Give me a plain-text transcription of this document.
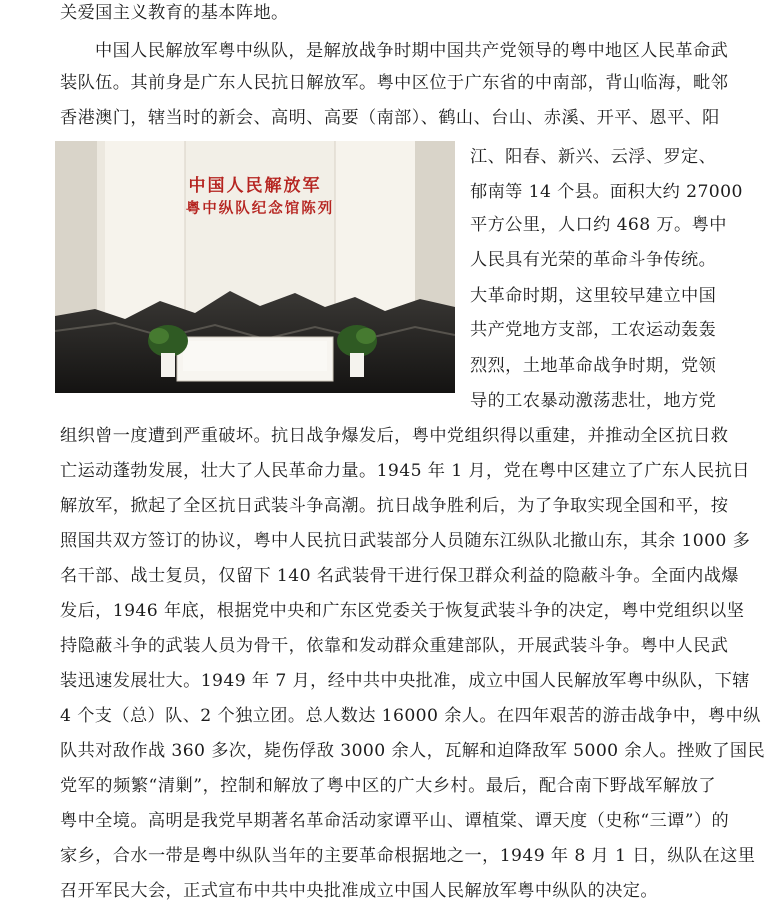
关爱国主义教育的基本阵地。
中国人民解放军粤中纵队，是解放战争时期中国共产党领导的粤中地区人民革命武
装队伍。其前身是广东人民抗日解放军。粤中区位于广东省的中南部，背山临海，毗邻
香港澳门，辖当时的新会、高明、高要（南部）、鹤山、台山、赤溪、开平、恩平、阳
中国人民解放军
粤中纵队纪念馆陈列
江、阳春、新兴、云浮、罗定、
郁南等 14 个县。面积大约 27000
平方公里，人口约 468 万。粤中
人民具有光荣的革命斗争传统。
大革命时期，这里较早建立中国
共产党地方支部，工农运动轰轰
烈烈，土地革命战争时期，党领
导的工农暴动激荡悲壮，地方党
组织曾一度遭到严重破坏。抗日战争爆发后，粤中党组织得以重建，并推动全区抗日救
亡运动蓬勃发展，壮大了人民革命力量。1945 年 1 月，党在粤中区建立了广东人民抗日
解放军，掀起了全区抗日武装斗争高潮。抗日战争胜利后，为了争取实现全国和平，按
照国共双方签订的协议，粤中人民抗日武装部分人员随东江纵队北撤山东，其余 1000 多
名干部、战士复员，仅留下 140 名武装骨干进行保卫群众利益的隐蔽斗争。全面内战爆
发后，1946 年底，根据党中央和广东区党委关于恢复武装斗争的决定，粤中党组织以坚
持隐蔽斗争的武装人员为骨干，依靠和发动群众重建部队，开展武装斗争。粤中人民武
装迅速发展壮大。1949 年 7 月，经中共中央批准，成立中国人民解放军粤中纵队，下辖
4 个支（总）队、2 个独立团。总人数达 16000 余人。在四年艰苦的游击战争中，粤中纵
队共对敌作战 360 多次，毙伤俘敌 3000 余人，瓦解和迫降敌军 5000 余人。挫败了国民
党军的频繁“清剿”，控制和解放了粤中区的广大乡村。最后，配合南下野战军解放了
粤中全境。高明是我党早期著名革命活动家谭平山、谭植棠、谭天度（史称“三谭”）的
家乡，合水一带是粤中纵队当年的主要革命根据地之一，1949 年 8 月 1 日，纵队在这里
召开军民大会，正式宣布中共中央批准成立中国人民解放军粤中纵队的决定。
